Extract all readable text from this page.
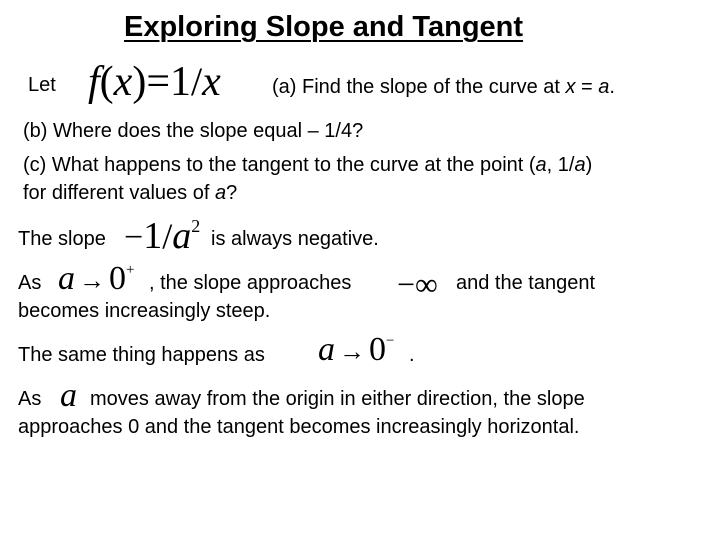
Exploring Slope and Tangent
Let f(x)=1/x	(a) Find the slope of the curve at x = a.
(b) Where does the slope equal – 1/4?
(c) What happens to the tangent to the curve at the point (a, 1/a)
for different values of a?
The slope −1/a2
is always negative.
As a → 0+
, the slope approaches −∞ and the tangent
becomes increasingly steep.
The same thing happens as a → 0−
.
As a moves away from the origin in either direction, the slope
approaches 0 and the tangent becomes increasingly horizontal.
